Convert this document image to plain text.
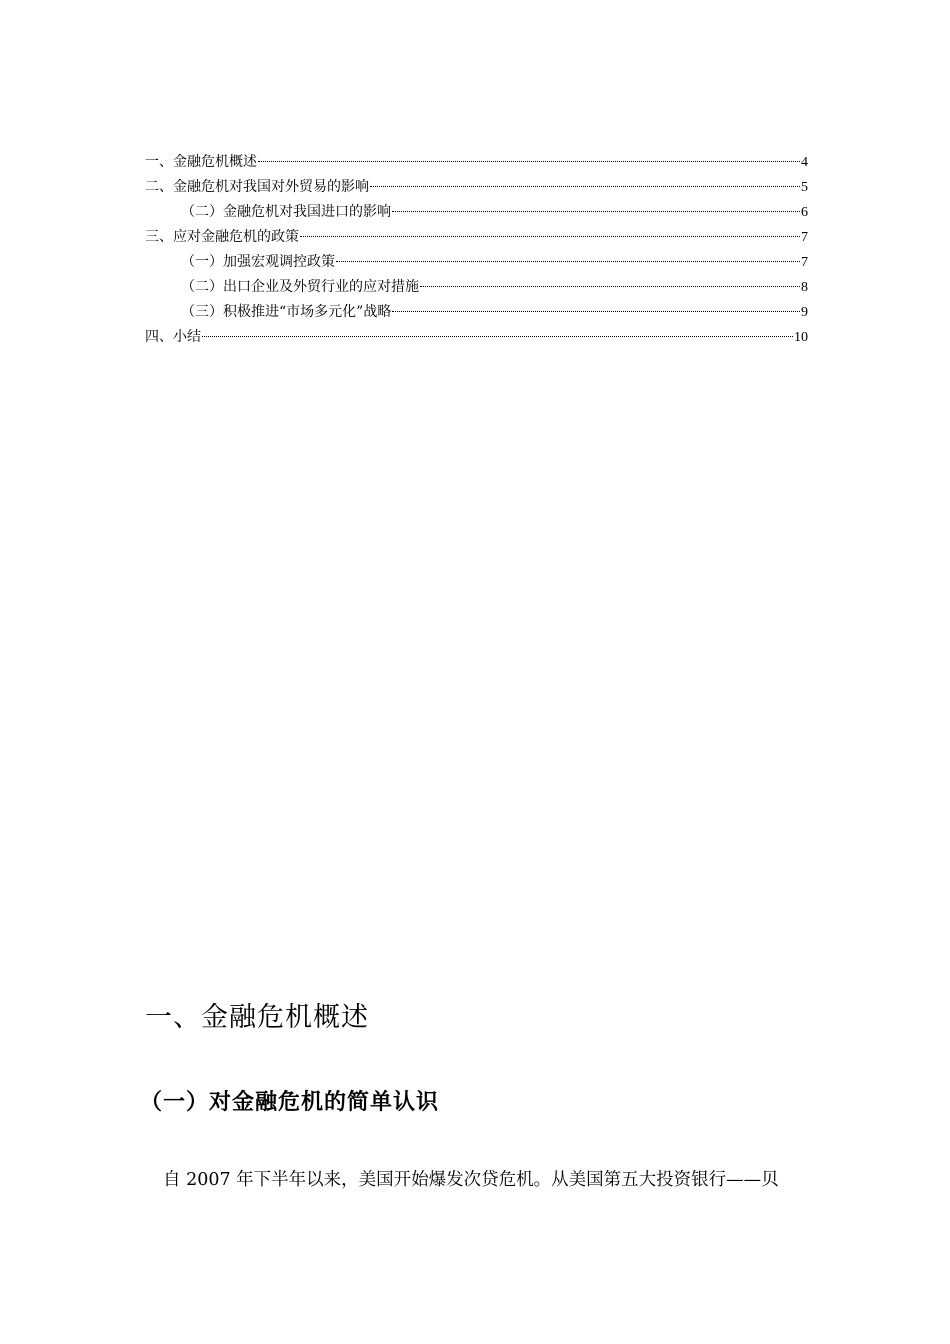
一、金融危机概述	4
二、金融危机对我国对外贸易的影响	5
（二）金融危机对我国进口的影响	6
三、应对金融危机的政策	7
（一）加强宏观调控政策	7
（二）出口企业及外贸行业的应对措施	8
（三）积极推进“市场多元化”战略	9
四、小结	10
一、金融危机概述
（一）对金融危机的简单认识

自 2007 年下半年以来，美国开始爆发次贷危机。从美国第五大投资银行——贝
